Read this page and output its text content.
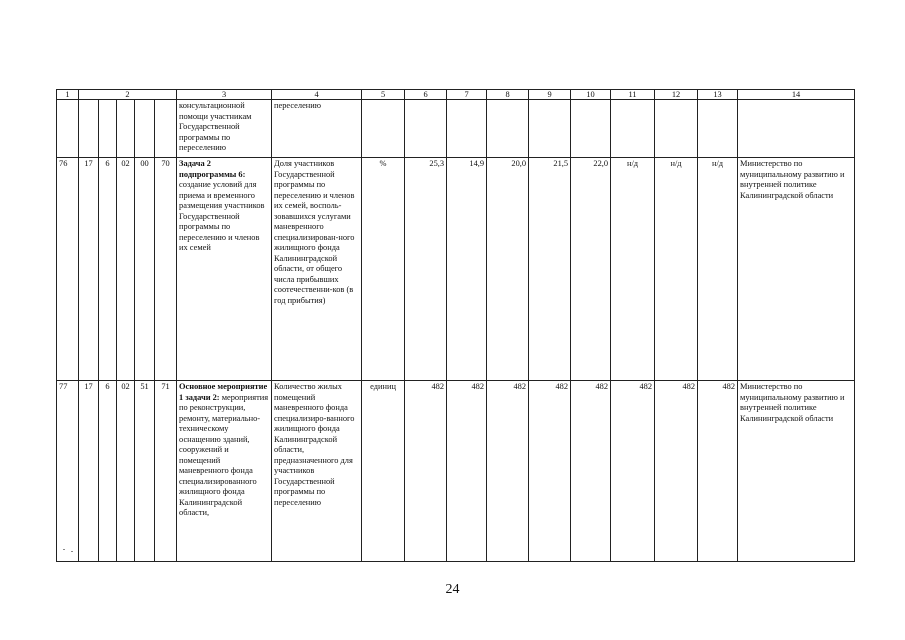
1	2					3	4	5	6	7	8	9	10	11	12	13	14
						консультационной помощи участникам Государственной программы по переселению	переселению										
76	17	6	02	00	70	Задача 2 подпрограммы 6: создание условий для приема и временного размещения участников Государственной программы по переселению и членов их семей	Доля участников Государственной программы по переселению и членов их семей, восполь-зовавшихся услугами маневренного специализирован-ного жилищного фонда Калининградской области, от общего числа прибывших соотечественни-ков (в год прибытия)	%	25,3	14,9	20,0	21,5	22,0	н/д	н/д	н/д	Министерство по муниципальному развитию и внутренней политике Калининградской области
77	17	6	02	51	71	Основное мероприятие 1 задачи 2: мероприятия по реконструкции, ремонту, материально-техническому оснащению зданий, сооружений и помещений маневренного фонда специализированного жилищного фонда Калининградской области,	Количество жилых помещений маневренного фонда специализиро-ванного жилищного фонда Калининградской области, предназначенного для участников Государственной программы по переселению	единиц	482	482	482	482	482	482	482	482	Министерство по муниципальному развитию и внутренней политике Калининградской области
24
